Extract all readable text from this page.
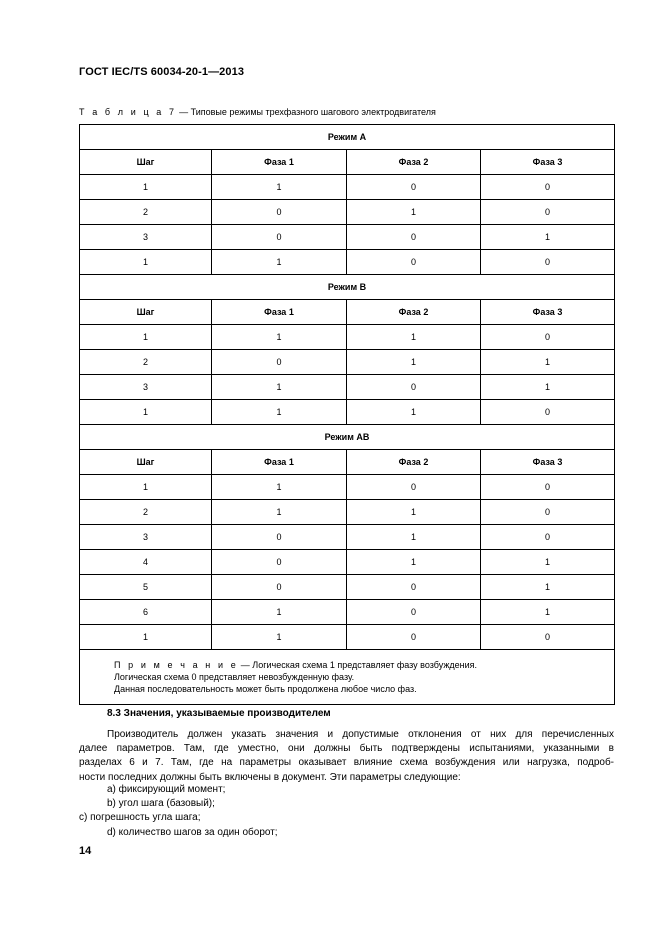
ГОСТ IEC/TS 60034-20-1—2013
Т а б л и ц а 7 — Типовые режимы трехфазного шагового электродвигателя
Режим А			
Шаг	Фаза 1	Фаза 2	Фаза 3
1	1	0	0
2	0	1	0
3	0	0	1
1	1	0	0
Режим В			
Шаг	Фаза 1	Фаза 2	Фаза 3
1	1	1	0
2	0	1	1
3	1	0	1
1	1	1	0
Режим АВ			
Шаг	Фаза 1	Фаза 2	Фаза 3
1	1	0	0
2	1	1	0
3	0	1	0
4	0	1	1
5	0	0	1
6	1	0	1
1	1	0	0

П р и м е ч а н и е — Логическая схема 1 представляет фазу возбуждения.
Логическая схема 0 представляет невозбужденную фазу.
Данная последовательность может быть продолжена любое число фаз.			
8.3 Значения, указываемые производителем
Производитель должен указать значения и допустимые отклонения от них для перечисленных
далее параметров. Там, где уместно, они должны быть подтверждены испытаниями, указанными в
разделах 6 и 7. Там, где на параметры оказывает влияние схема возбуждения или нагрузка, подроб-
ности последних должны быть включены в документ. Эти параметры следующие:
a) фиксирующий момент;
b) угол шага (базовый);
c) погрешность угла шага;
d) количество шагов за один оборот;
14
